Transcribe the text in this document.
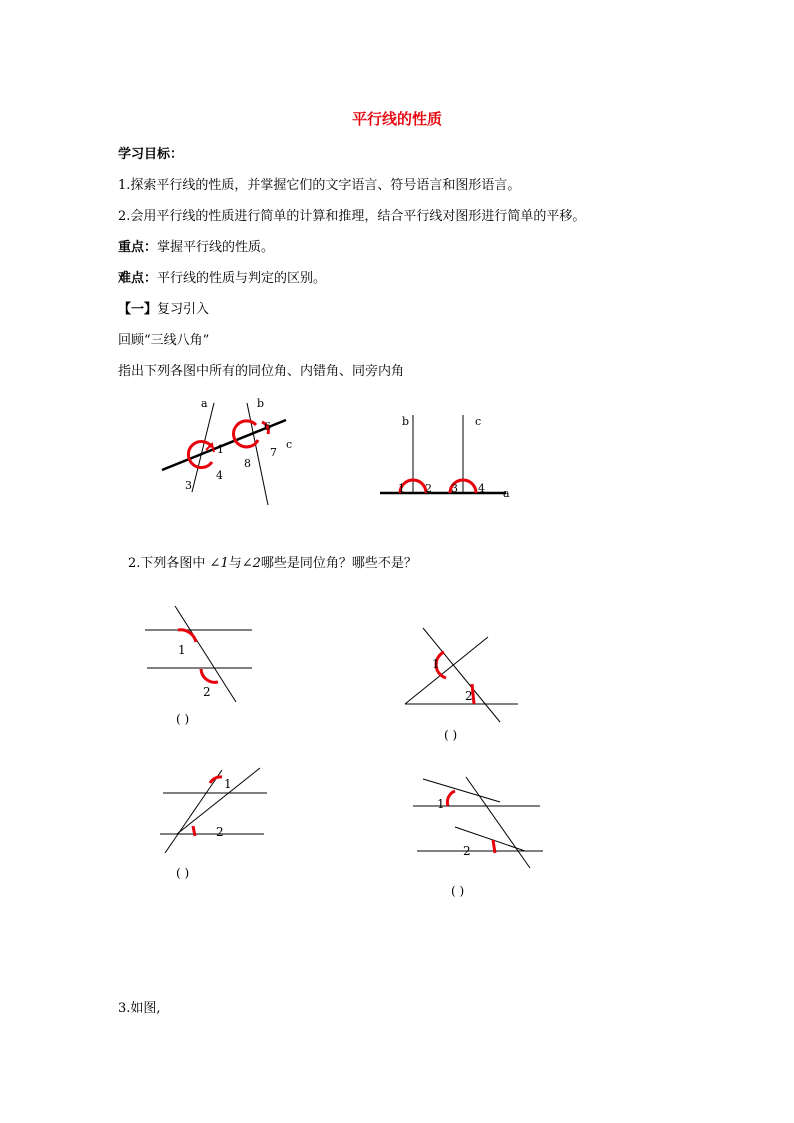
平行线的性质
学习目标：
1.探索平行线的性质，并掌握它们的文字语言、符号语言和图形语言。
2.会用平行线的性质进行简单的计算和推理，结合平行线对图形进行简单的平移。
重点：掌握平行线的性质。
难点：平行线的性质与判定的区别。
【一】复习引入
回顾“三线八角”
指出下列各图中所有的同位角、内错角、同旁内角
2.下列各图中 ∠1与∠2哪些是同位角？哪些不是？
3.如图,
a	b
c
1
3
4
6
7
8
b	c
a
1 2 3 4
1
2
( )
1
2
( )
1
2
( )
1
2
( )
